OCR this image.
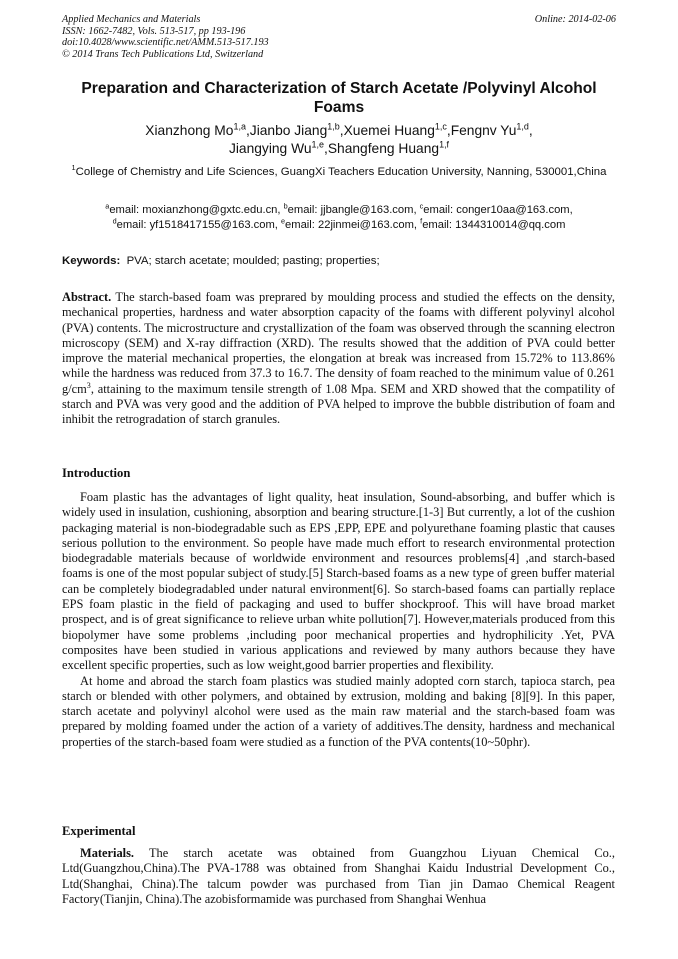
Applied Mechanics and Materials
ISSN: 1662-7482, Vols. 513-517, pp 193-196
doi:10.4028/www.scientific.net/AMM.513-517.193
© 2014 Trans Tech Publications Ltd, Switzerland
Online: 2014-02-06
Preparation and Characterization of Starch Acetate /Polyvinyl Alcohol
Foams
Xianzhong Mo$^{1,a}$,Jianbo Jiang$^{1,b}$,Xuemei Huang$^{1,c}$,Fengnv Yu$^{1,d}$,
Jiangying Wu$^{1,e}$,Shangfeng Huang$^{1,f}$
$^1$College of Chemistry and Life Sciences, GuangXi Teachers Education University, Nanning, 530001,China
$^a$email: moxianzhong@gxtc.edu.cn, $^b$email: jjbangle@163.com, $^c$email: conger10aa@163.com,
$^d$email: yf1518417155@163.com, $^e$email: 22jinmei@163.com, $^f$email: 1344310014@qq.com
Keywords: PVA; starch acetate; moulded; pasting; properties;
Abstract. The starch-based foam was preprared by moulding process and studied the effects on the density, mechanical properties, hardness and water absorption capacity of the foams with different polyvinyl alcohol (PVA) contents. The microstructure and crystallization of the foam was observed through the scanning electron microscopy (SEM) and X-ray diffraction (XRD). The results showed that the addition of PVA could better improve the material mechanical properties, the elongation at break was increased from 15.72% to 113.86% while the hardness was reduced from 37.3 to 16.7. The density of foam reached to the minimum value of 0.261 $g/cm^3$, attaining to the maximum tensile strength of 1.08 Mpa. SEM and XRD showed that the compatility of starch and PVA was very good and the addition of PVA helped to improve the bubble distribution of foam and inhibit the retrogradation of starch granules.
Introduction

Foam plastic has the advantages of light quality, heat insulation, Sound-absorbing, and buffer which is widely used in insulation, cushioning, absorption and bearing structure.[1-3] But currently, a lot of the cushion packaging material is non-biodegradable such as EPS ,EPP, EPE and polyurethane foaming plastic that causes serious pollution to the environment. So people have made much effort to research environmental protection biodegradable materials because of worldwide environment and resources problems[4] ,and starch-based foams is one of the most popular subject of study.[5] Starch-based foams as a new type of green buffer material can be completely biodegradabled under natural environment[6]. So starch-based foams can partially replace EPS foam plastic in the field of packaging and used to buffer shockproof. This will have broad market prospect, and is of great significance to relieve urban white pollution[7]. However,materials produced from this biopolymer have some problems ,including poor mechanical properties and hydrophilicity .Yet, PVA composites have been studied in various applications and reviewed by many authors because they have excellent specific properties, such as low weight,good barrier properties and flexibility.

At home and abroad the starch foam plastics was studied mainly adopted corn starch, tapioca starch, pea starch or blended with other polymers, and obtained by extrusion, molding and baking [8][9]. In this paper, starch acetate and polyvinyl alcohol were used as the main raw material and the starch-based foam was prepared by molding foamed under the action of a variety of additives.The density, hardness and mechanical properties of the starch-based foam were studied as a function of the PVA contents(10~50phr).

Experimental

Materials. The starch acetate was obtained from Guangzhou Liyuan Chemical Co., Ltd(Guangzhou,China).The PVA-1788 was obtained from Shanghai Kaidu Industrial Development Co., Ltd(Shanghai, China).The talcum powder was purchased from Tian jin Damao Chemical Reagent Factory(Tianjin, China).The azobisformamide was purchased from Shanghai Wenhua
